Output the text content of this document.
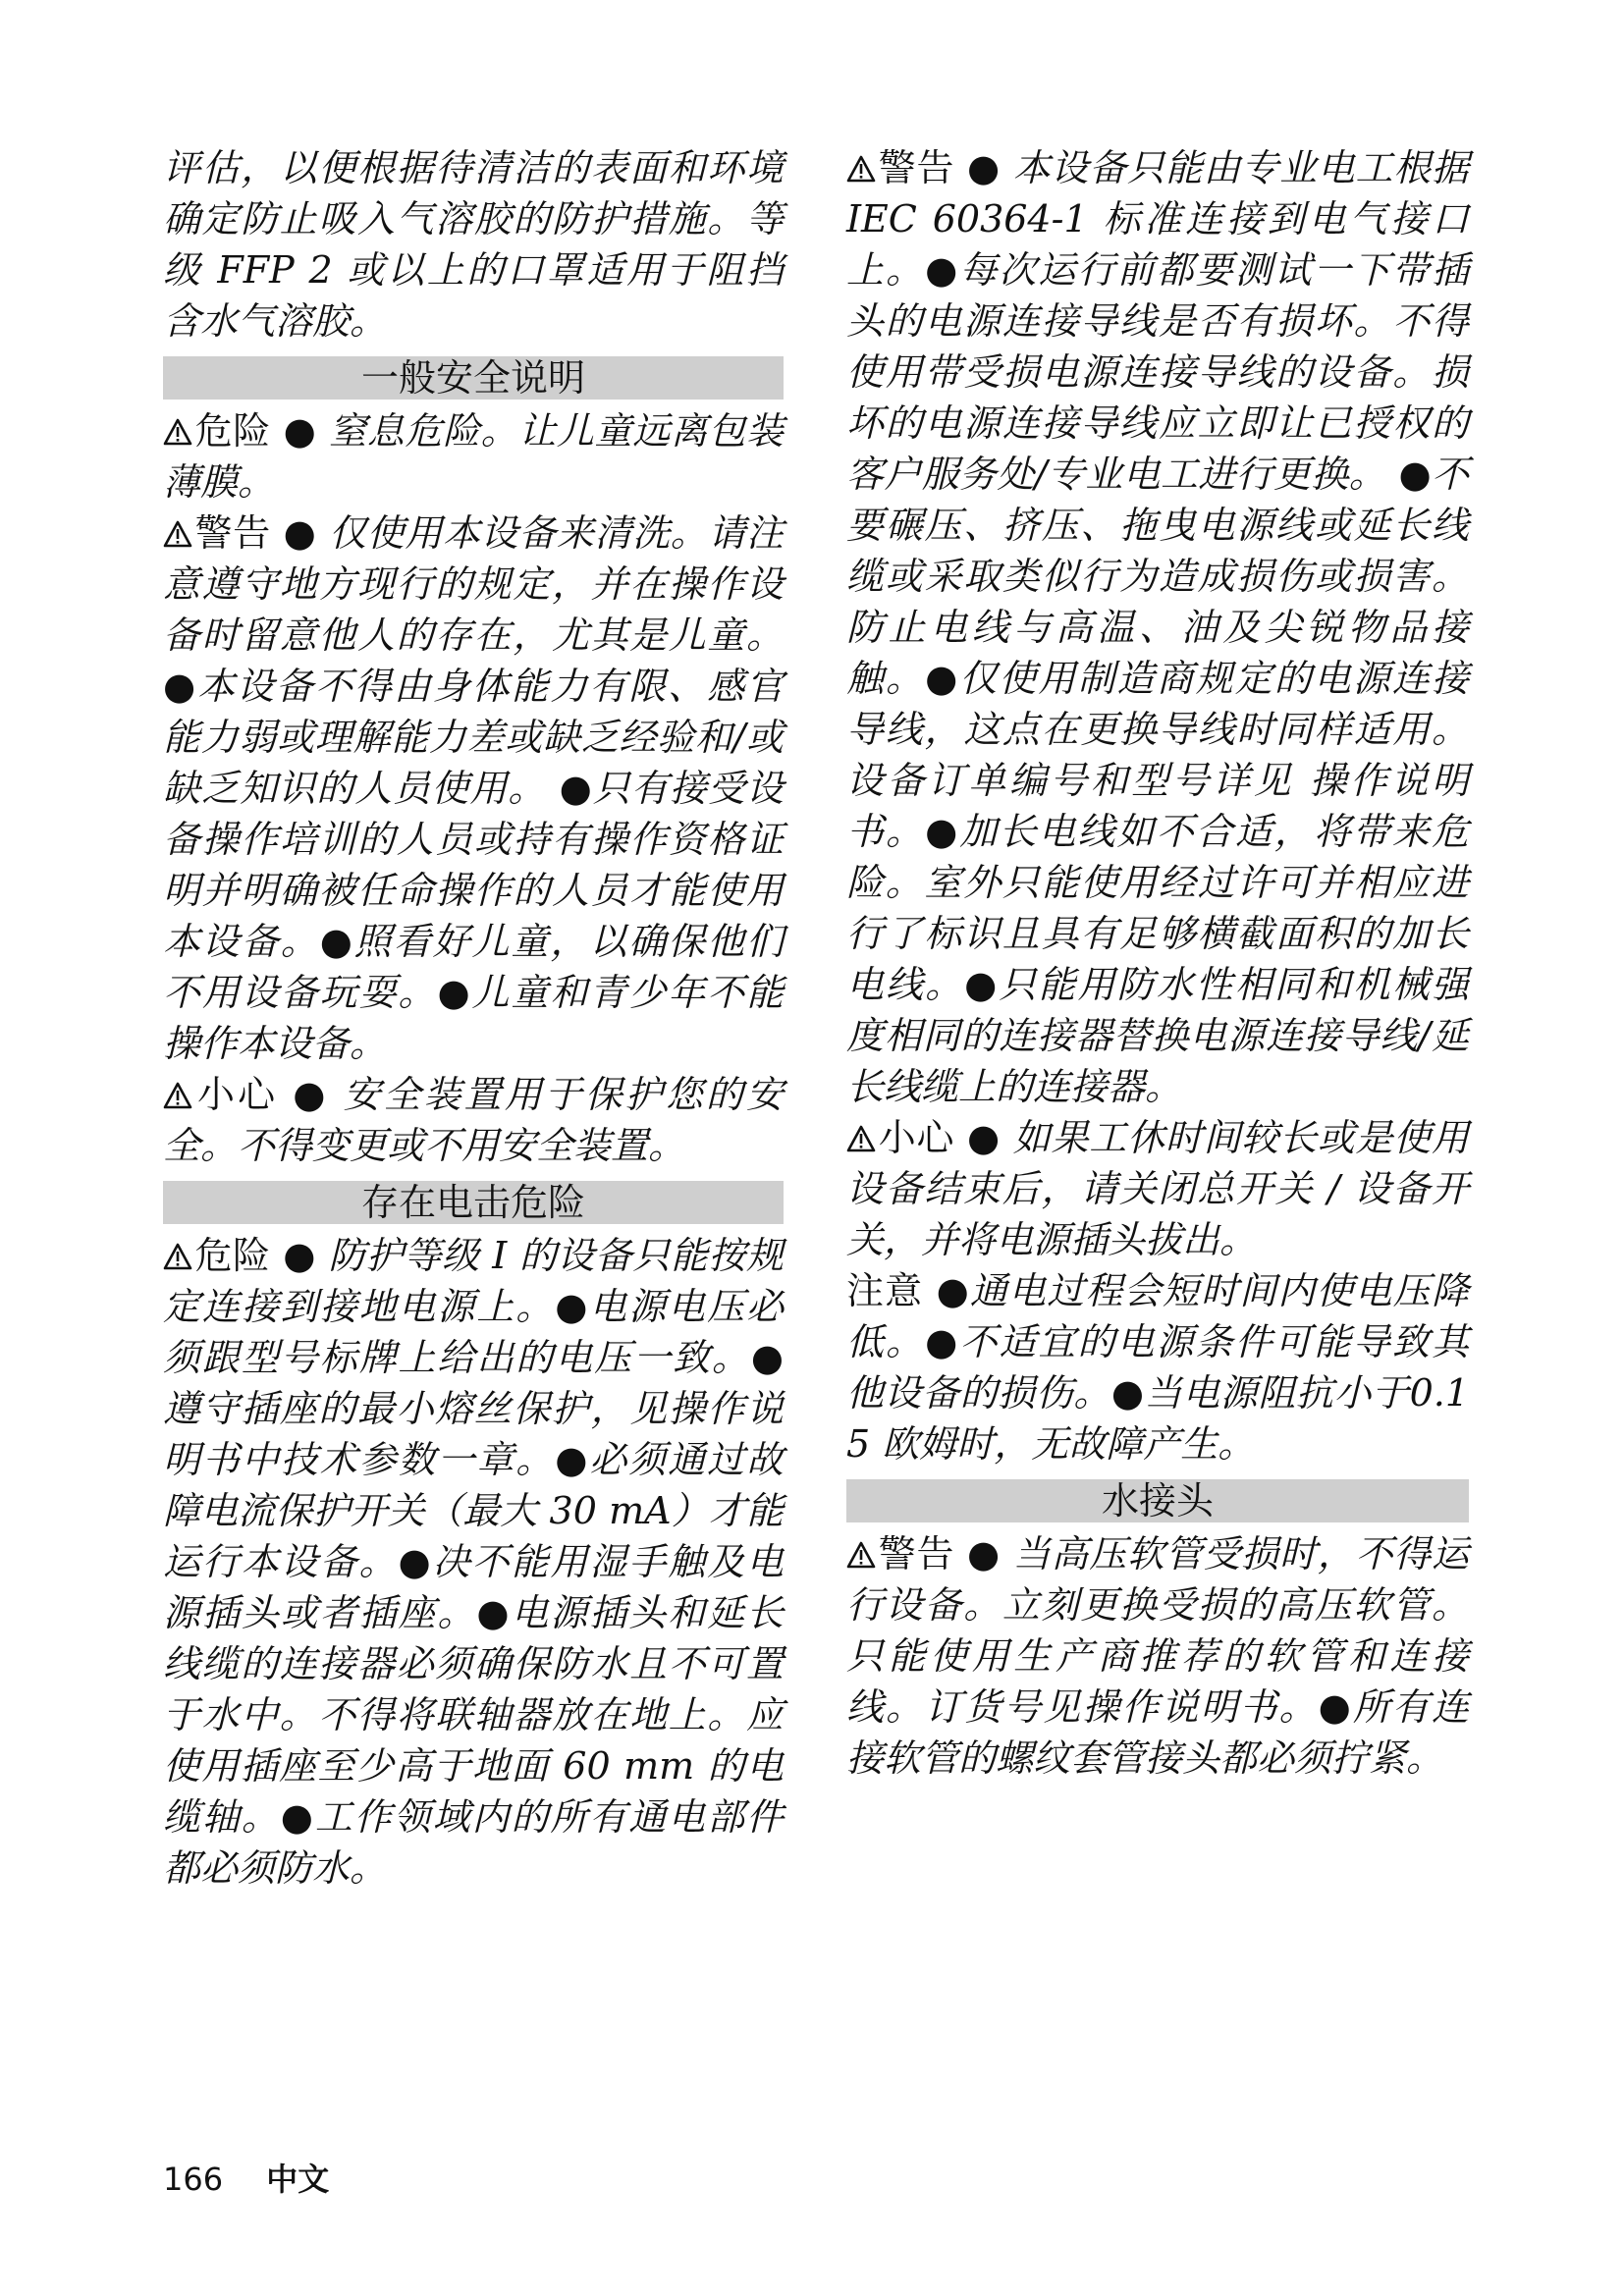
评估，以便根据待清洁的表面和环境确定防止吸入气溶胶的防护措施。等级 FFP 2 或以上的口罩适用于阻挡含水气溶胶。

一般安全说明

危险 ● 窒息危险。让儿童远离包装薄膜。

警告 ● 仅使用本设备来清洗。请注意遵守地方现行的规定，并在操作设备时留意他人的存在，尤其是儿童。 ●本设备不得由身体能力有限、感官能力弱或理解能力差或缺乏经验和/或缺乏知识的人员使用。 ●只有接受设备操作培训的人员或持有操作资格证明并明确被任命操作的人员才能使用本设备。●照看好儿童，以确保他们不用设备玩耍。●儿童和青少年不能操作本设备。

小心 ● 安全装置用于保护您的安全。不得变更或不用安全装置。

存在电击危险

危险 ● 防护等级 I 的设备只能按规定连接到接地电源上。●电源电压必须跟型号标牌上给出的电压一致。●遵守插座的最小熔丝保护，见操作说明书中技术参数一章。●必须通过故障电流保护开关（最大 30 mA）才能运行本设备。●决不能用湿手触及电源插头或者插座。●电源插头和延长线缆的连接器必须确保防水且不可置于水中。不得将联轴器放在地上。应使用插座至少高于地面 60 mm 的电缆轴。●工作领域内的所有通电部件都必须防水。

警告 ● 本设备只能由专业电工根据 IEC 60364-1 标准连接到电气接口上。●每次运行前都要测试一下带插头的电源连接导线是否有损坏。不得使用带受损电源连接导线的设备。损坏的电源连接导线应立即让已授权的客户服务处/专业电工进行更换。 ●不要碾压、挤压、拖曳电源线或延长线缆或采取类似行为造成损伤或损害。防止电线与高温、油及尖锐物品接触。●仅使用制造商规定的电源连接导线，这点在更换导线时同样适用。设备订单编号和型号详见 操作说明书。●加长电线如不合适，将带来危险。室外只能使用经过许可并相应进行了标识且具有足够横截面积的加长电线。●只能用防水性相同和机械强度相同的连接器替换电源连接导线/延长线缆上的连接器。

小心 ● 如果工休时间较长或是使用设备结束后，请关闭总开关 / 设备开关，并将电源插头拔出。

注意 ●通电过程会短时间内使电压降低。●不适宜的电源条件可能导致其他设备的损伤。●当电源阻抗小于0.15 欧姆时，无故障产生。

水接头

警告 ● 当高压软管受损时，不得运行设备。立刻更换受损的高压软管。只能使用生产商推荐的软管和连接线。订货号见操作说明书。●所有连接软管的螺纹套管接头都必须拧紧。

166 中文
